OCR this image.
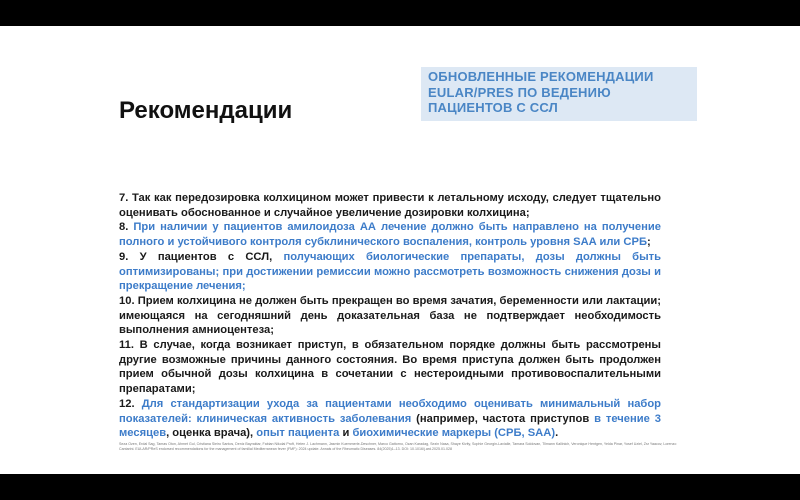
Рекомендации
ОБНОВЛЕННЫЕ РЕКОМЕНДАЦИИ EULAR/PRES ПО ВЕДЕНИЮ ПАЦИЕНТОВ С ССЛ

7. Так как передозировка колхицином может привести к летальному исходу, следует тщательно оценивать обоснованное и случайное увеличение дозировки колхицина;

8. При наличии у пациентов амилоидоза АА лечение должно быть направлено на получение полного и устойчивого контроля субклинического воспаления, контроль уровня SAA или СРБ;

9. У пациентов с ССЛ, получающих биологические препараты, дозы должны быть оптимизированы; при достижении ремиссии можно рассмотреть возможность снижения дозы и прекращение лечения;

10. Прием колхицина не должен быть прекращен во время зачатия, беременности или лактации; имеющаяся на сегодняшний день доказательная база не подтверждает необходимость выполнения амниоцентеза;

11. В случае, когда возникает приступ, в обязательном порядке должны быть рассмотрены другие возможные причины данного состояния. Во время приступа должен быть продолжен прием обычной дозы колхицина в сочетании с нестероидными противовоспалительными препаратами;

12. Для стандартизации ухода за пациентами необходимо оценивать минимальный набор показателей: клиническая активность заболевания (например, частота приступов в течение 3 месяцев, оценка врача), опыт пациента и биохимические маркеры (СРБ, SAA).

Seza Ozen, Erdal Sag, Tamas Oton, Ahmet Gul, Cristiana Sieiro Santos, Deniz Bayraktar, Fabian Nikolai Proft, Helen J. Lachmann, Jasmin Kuemmerle-Deschner, Marco Gattorno, Ozan Karadag, Sezin Nasa, Shaye Kivity, Sophie Georgin-Lavialle, Tamara Soldovan, Tilmann Kallinich, Veronique Hentgen, Yelda Pinar, Yosef Uziel, Zsr Yaacov, Lorenzo Cantarini. EULAR/PReS endorsed recommendations for the management of familial Mediterranean fever (FMF): 2024 update. Annals of the Rheumatic Diseases. 84(2025)1–13. DOI: 10.1016/j.ard.2025.01.028
